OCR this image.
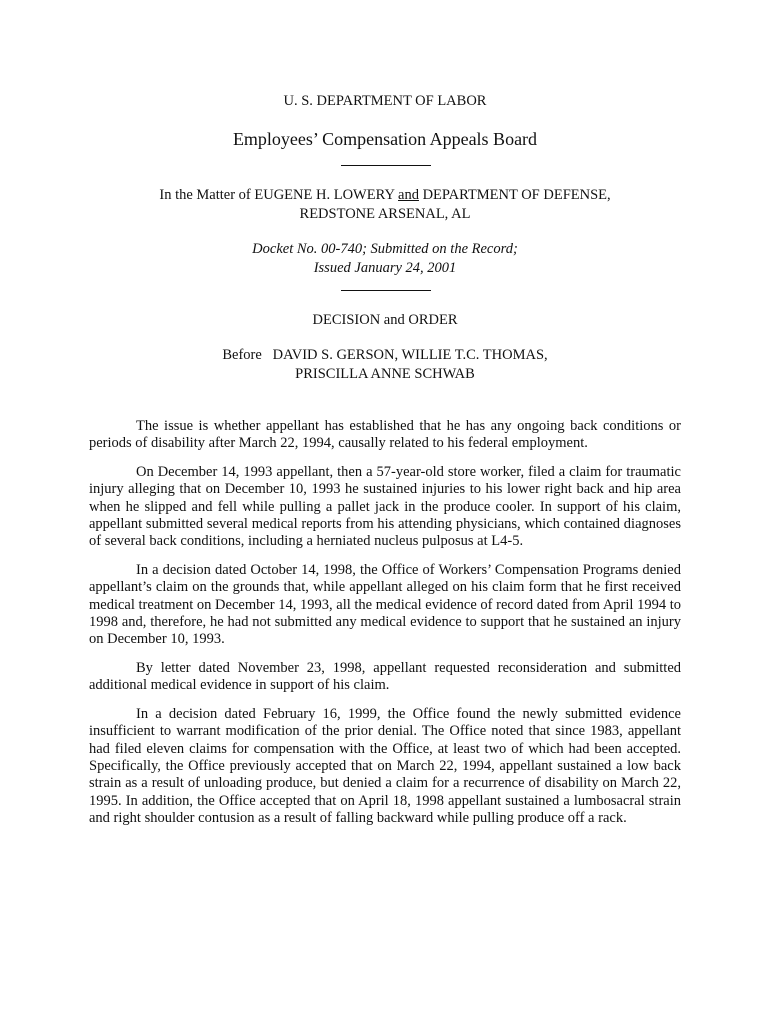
U. S. DEPARTMENT OF LABOR
Employees’ Compensation Appeals Board
In the Matter of EUGENE H. LOWERY and DEPARTMENT OF DEFENSE,
REDSTONE ARSENAL, AL
Docket No. 00-740; Submitted on the Record;
Issued January 24, 2001
DECISION and ORDER
Before   DAVID S. GERSON, WILLIE T.C. THOMAS,
PRISCILLA ANNE SCHWAB

The issue is whether appellant has established that he has any ongoing back conditions or periods of disability after March 22, 1994, causally related to his federal employment.

On December 14, 1993 appellant, then a 57-year-old store worker, filed a claim for traumatic injury alleging that on December 10, 1993 he sustained injuries to his lower right back and hip area when he slipped and fell while pulling a pallet jack in the produce cooler. In support of his claim, appellant submitted several medical reports from his attending physicians, which contained diagnoses of several back conditions, including a herniated nucleus pulposus at L4-5.

In a decision dated October 14, 1998, the Office of Workers’ Compensation Programs denied appellant’s claim on the grounds that, while appellant alleged on his claim form that he first received medical treatment on December 14, 1993, all the medical evidence of record dated from April 1994 to 1998 and, therefore, he had not submitted any medical evidence to support that he sustained an injury on December 10, 1993.

By letter dated November 23, 1998, appellant requested reconsideration and submitted additional medical evidence in support of his claim.

In a decision dated February 16, 1999, the Office found the newly submitted evidence insufficient to warrant modification of the prior denial. The Office noted that since 1983, appellant had filed eleven claims for compensation with the Office, at least two of which had been accepted. Specifically, the Office previously accepted that on March 22, 1994, appellant sustained a low back strain as a result of unloading produce, but denied a claim for a recurrence of disability on March 22, 1995. In addition, the Office accepted that on April 18, 1998 appellant sustained a lumbosacral strain and right shoulder contusion as a result of falling backward while pulling produce off a rack.
